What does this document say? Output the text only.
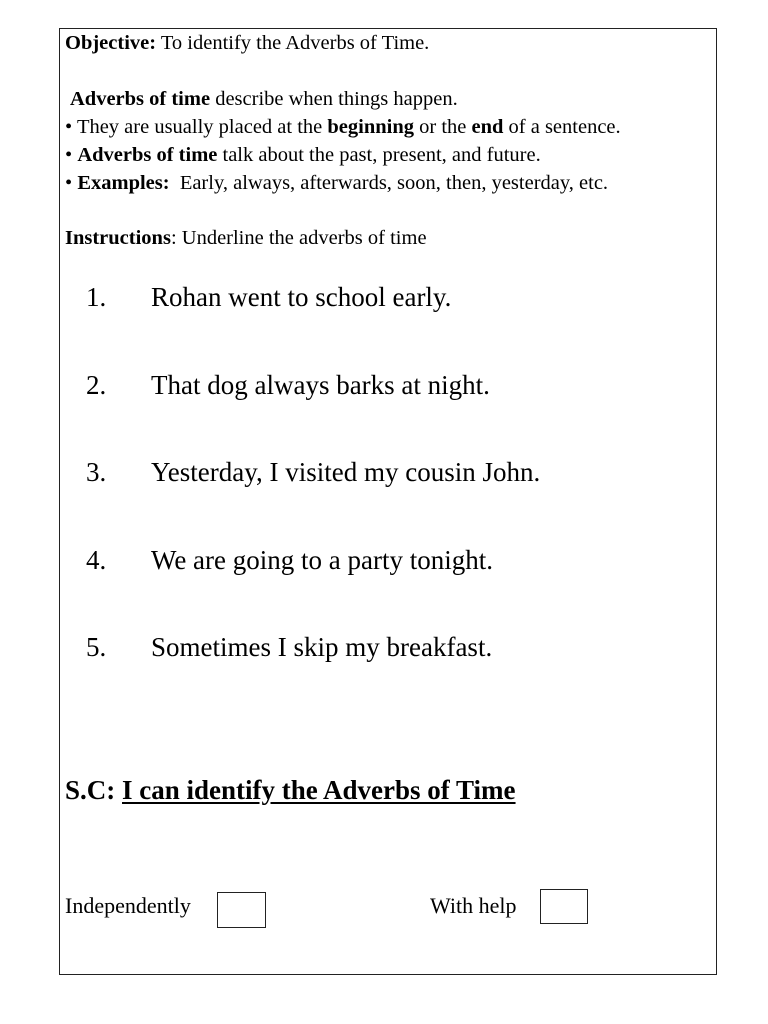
Objective: To identify the Adverbs of Time.
Adverbs of time describe when things happen.
• They are usually placed at the beginning or the end of a sentence.
• Adverbs of time talk about the past, present, and future.
• Examples:  Early, always, afterwards, soon, then, yesterday, etc.
Instructions: Underline the adverbs of time
1.	Rohan went to school early.
2.	That dog always barks at night.
3.	Yesterday, I visited my cousin John.
4.	We are going to a party tonight.
5.	Sometimes I skip my breakfast.
S.C: I can identify the Adverbs of Time
Independently	With help
